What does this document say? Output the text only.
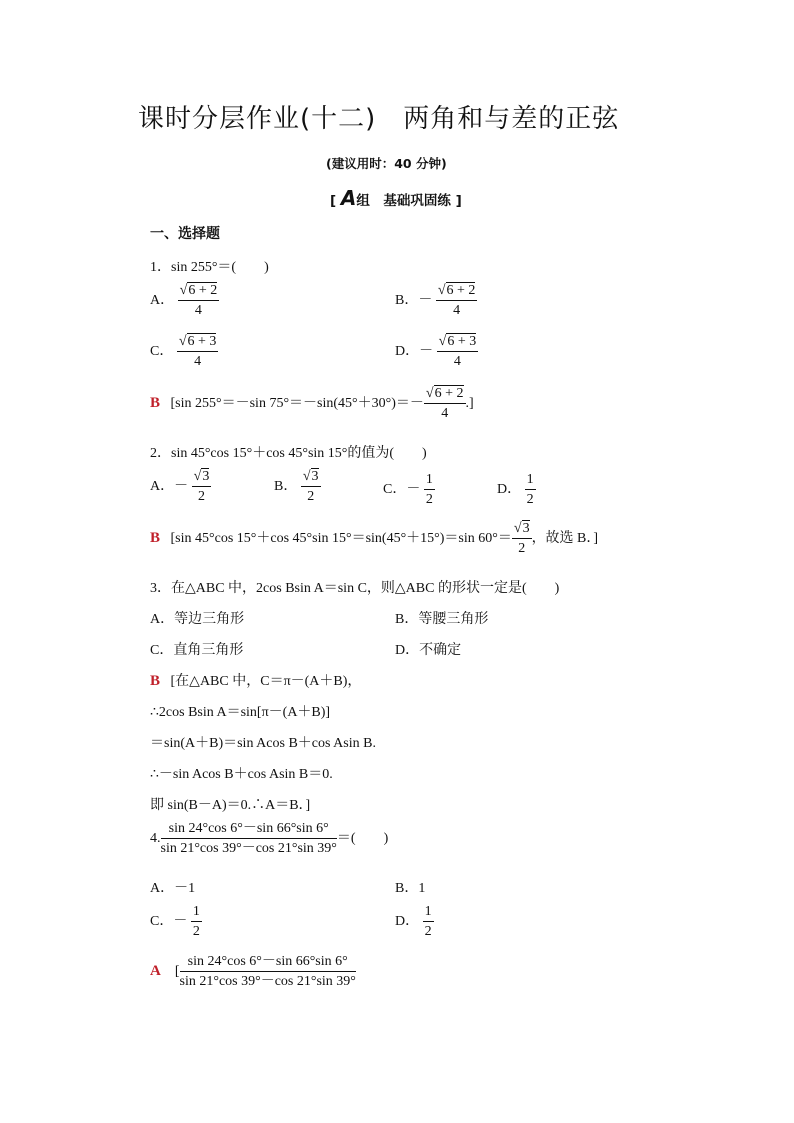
课时分层作业(十二)　两角和与差的正弦
(建议用时：40 分钟)
[ A组　基础巩固练 ]
一、选择题
1．sin 255°＝(　　)
A． $\frac{√6 + 2}{4}$	B．－ $\frac{√6 + 2}{4}$
C． $\frac{√6 + 3}{4}$	D．－ $\frac{√6 + 3}{4}$
B [sin 255°＝－sin $75^\circ=-\sin(45^\circ+30^\circ)=- \frac{√6 + 2}{4}$ .]
2．sin 45°cos 15°＋cos 45°sin 15°的值为(　　)
A．－ $\frac{√3}{2}$	B． $\frac{√3}{2}$	C．－ $\frac{1}{2}$	D． $\frac{1}{2}$
B [sin 45°cos 15°＋cos 45°sin 15°＝sin(45°＋15°)＝sin $60^\circ= \frac{√3}{2}$ ，故选 B．]
3．在△ABC 中，2cos Bsin A＝sin C，则△ABC 的形状一定是(　　)
A．等边三角形	B．等腰三角形
C．直角三角形	D．不确定
B [在△ABC 中，C＝π－(A＋B)，
∴2cos Bsin A＝sin[π－(A＋B)]
＝sin(A＋B)＝sin Acos B＋cos Asin B.
∴－sin Acos B＋cos Asin B＝0.
即 sin(B－A)＝0.∴A＝B．]
4. $\frac{\sin 24^\circ\cos 6^\circ-\sin 66^\circ\sin 6^\circ}{\sin 21^\circ\cos 39^\circ-\cos 21^\circ\sin 39^\circ}$ ＝(　　)
A．－1	B．1
C．－ $\frac{1}{2}$	D． $\frac{1}{2}$
A [ $\frac{\sin 24^\circ\cos 6^\circ-\sin 66^\circ\sin 6^\circ}{\sin 21^\circ\cos 39^\circ-\cos 21^\circ\sin 39^\circ}$
